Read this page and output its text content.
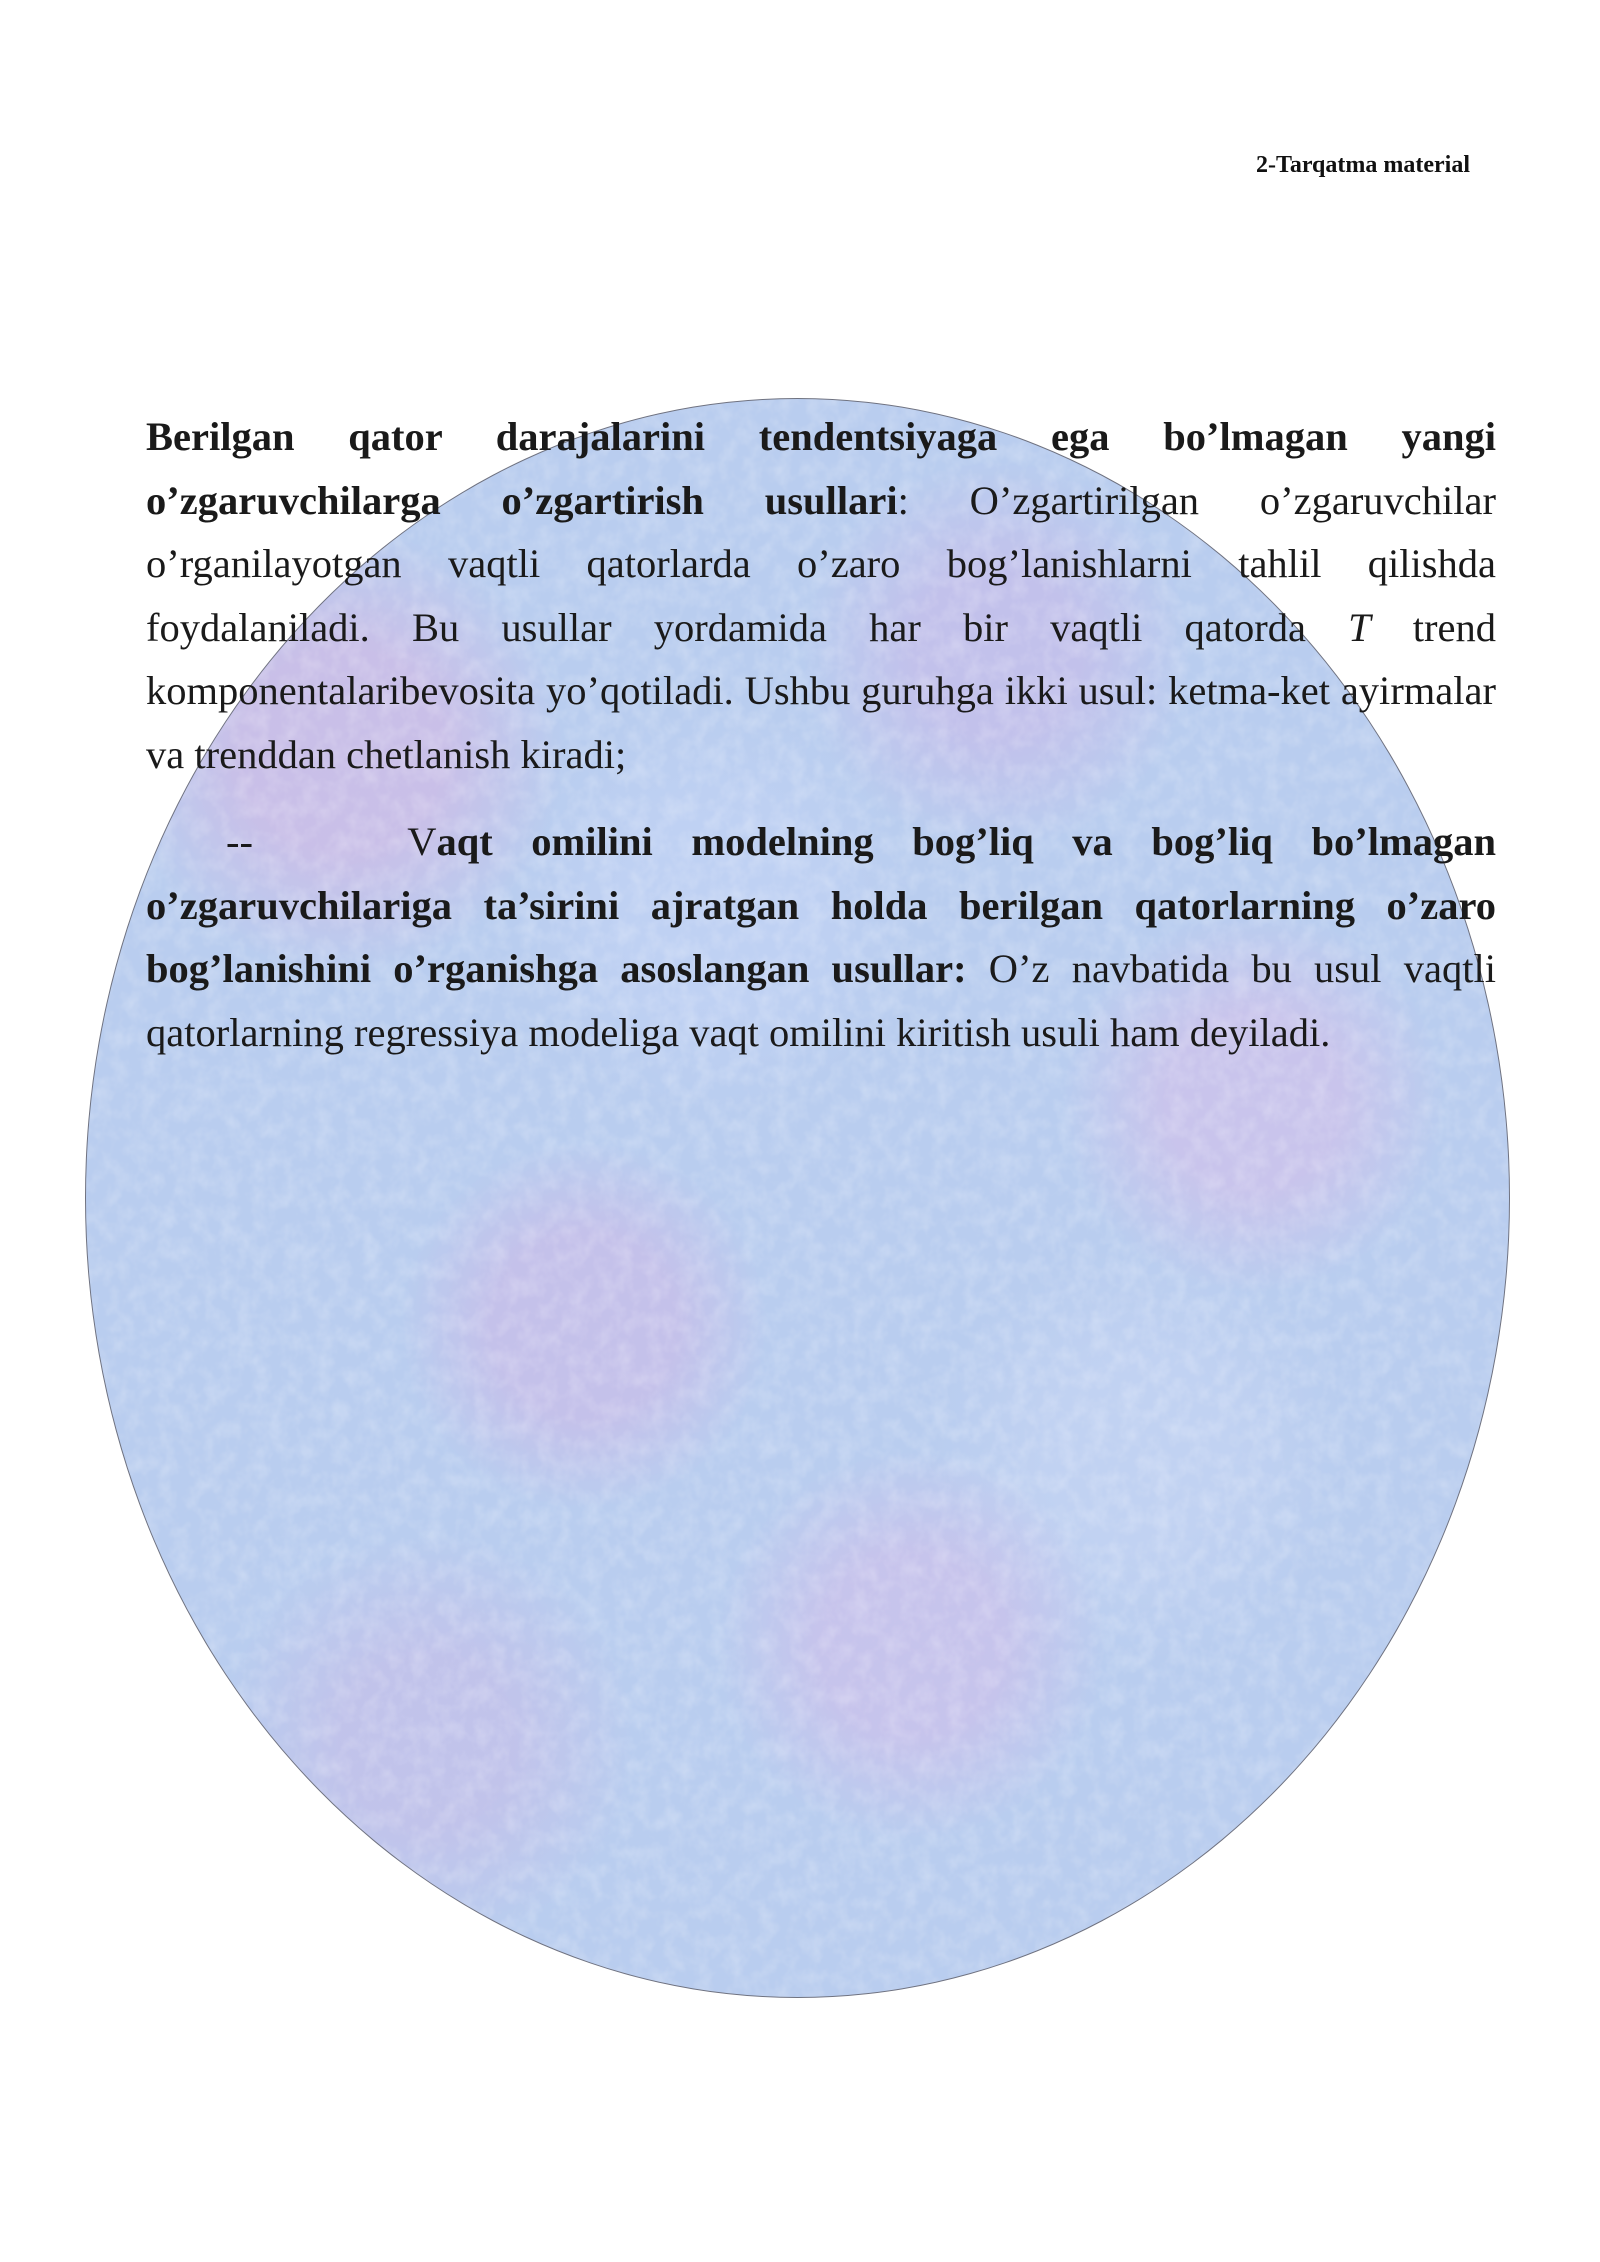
2-Tarqatma material

Berilgan qator darajalarini tendentsiyaga ega bo’lmagan yangi o’zgaruvchilarga o’zgartirish usullari: O’zgartirilgan o’zgaruvchilar o’rganilayotgan vaqtli qatorlarda o’zaro bog’lanishlarni tahlil qilishda foydalaniladi. Bu usullar yordamida har bir vaqtli qatorda T trend komponentalaribevosita yo’qotiladi. Ushbu guruhga ikki usul: ketma-ket ayirmalar va trenddan chetlanish kiradi;

--	Vaqt omilini modelning bog’liq va bog’liq bo’lmagan o’zgaruvchilariga ta’sirini ajratgan holda berilgan qatorlarning o’zaro bog’lanishini o’rganishga asoslangan usullar: O’z navbatida bu usul vaqtli qatorlarning regressiya modeliga vaqt omilini kiritish usuli ham deyiladi.
